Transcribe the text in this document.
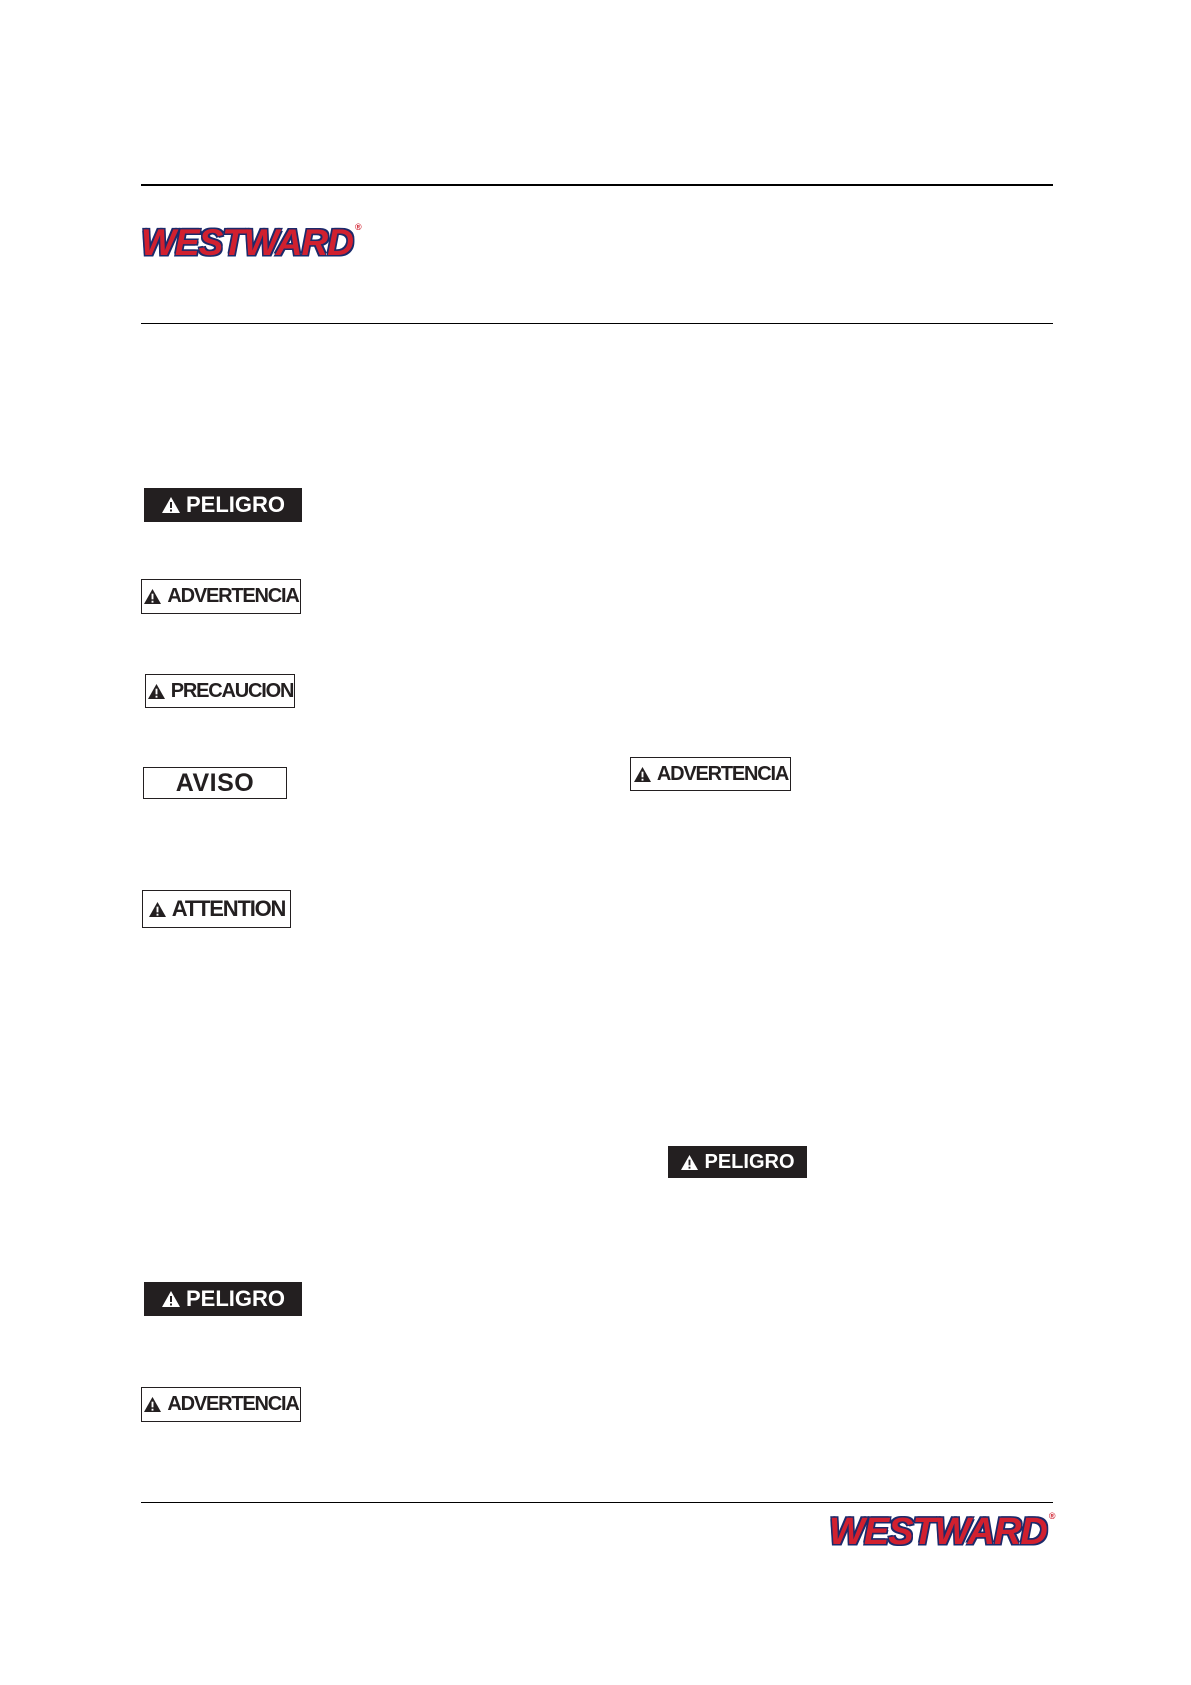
WESTWARD ®
PELIGRO
ADVERTENCIA
PRECAUCION
AVISO
ATTENTION
ADVERTENCIA
PELIGRO
PELIGRO
ADVERTENCIA
WESTWARD ®
